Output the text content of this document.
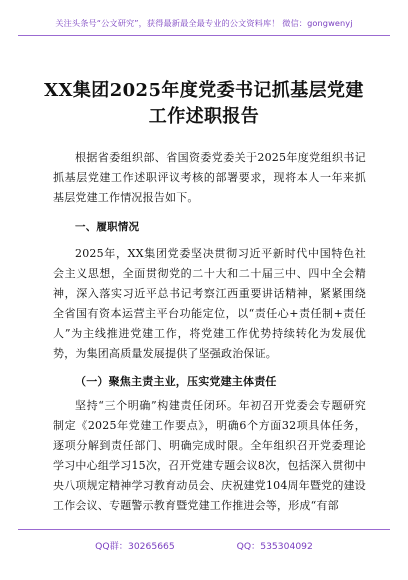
关注头条号“公文研究”，获得最新最全最专业的公文资料库！ 微信：gongwenyj
XX集团2025年度党委书记抓基层党建工作述职报告

根据省委组织部、省国资委党委关于2025年度党组织书记抓基层党建工作述职评议考核的部署要求，现将本人一年来抓基层党建工作情况报告如下。

一、履职情况

2025年，XX集团党委坚决贯彻习近平新时代中国特色社会主义思想，全面贯彻党的二十大和二十届三中、四中全会精神，深入落实习近平总书记考察江西重要讲话精神，紧紧围绕全省国有资本运营主平台功能定位，以“责任心+责任制+责任人”为主线推进党建工作，将党建工作优势持续转化为发展优势，为集团高质量发展提供了坚强政治保证。

（一）聚焦主责主业，压实党建主体责任

坚持“三个明确”构建责任闭环。年初召开党委会专题研究制定《2025年党建工作要点》，明确6个方面32项具体任务，逐项分解到责任部门、明确完成时限。全年组织召开党委理论学习中心组学习15次，召开党建专题会议8次，包括深入贯彻中央八项规定精神学习教育动员会、庆祝建党104周年暨党的建设工作会议、专题警示教育暨党建工作推进会等，形成“有部

QQ群：30265665	QQ：535304092
